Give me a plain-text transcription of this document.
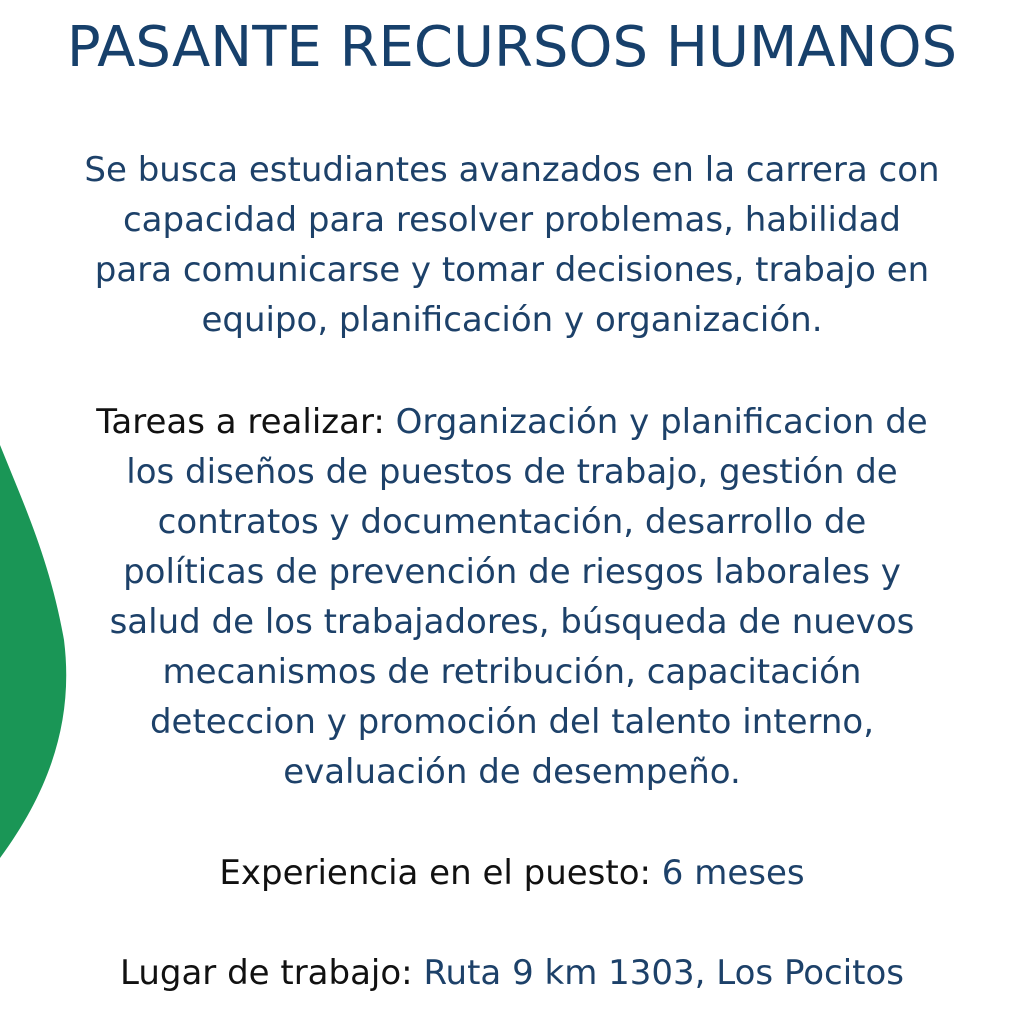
PASANTE RECURSOS HUMANOS
Se busca estudiantes avanzados en la carrera con
capacidad para resolver problemas, habilidad
para comunicarse y tomar decisiones, trabajo en
equipo, planificación y organización.
Tareas a realizar: Organización y planificacion de
los diseños de puestos de trabajo, gestión de
contratos y documentación, desarrollo de
políticas de prevención de riesgos laborales y
salud de los trabajadores, búsqueda de nuevos
mecanismos de retribución, capacitación
deteccion y promoción del talento interno,
evaluación de desempeño.
Experiencia en el puesto: 6 meses
Lugar de trabajo: Ruta 9 km 1303, Los Pocitos
